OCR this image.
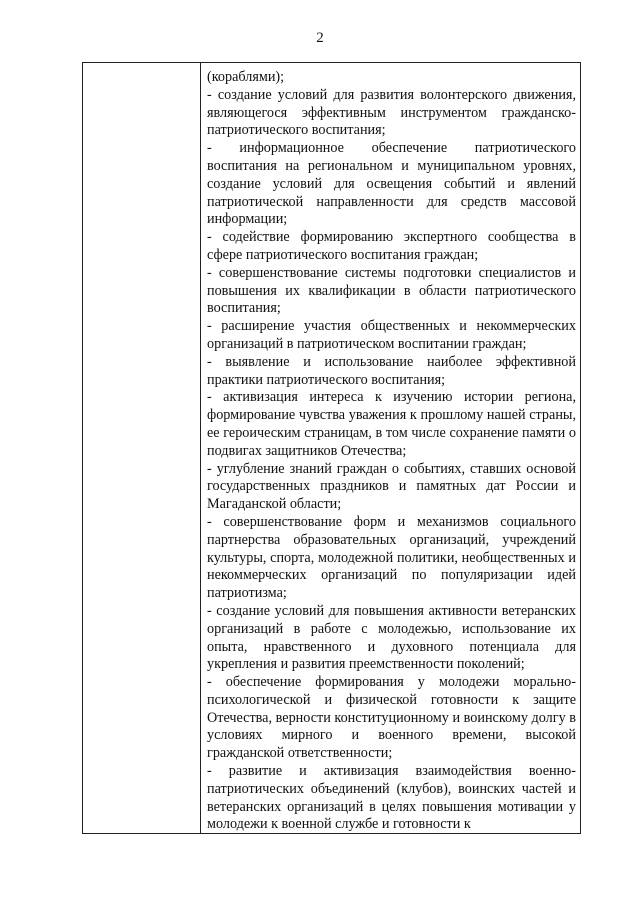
2

(кораблями);

- создание условий для развития волонтерского движения, являющегося эффективным инструментом гражданско-патриотического воспитания;

- информационное обеспечение патриотического воспитания на региональном и муниципальном уровнях, создание условий для освещения событий и явлений патриотической направленности для средств массовой информации;

- содействие формированию экспертного сообщества в сфере патриотического воспитания граждан;

- совершенствование системы подготовки специалистов и повышения их квалификации в области патриотического воспитания;

- расширение участия общественных и некоммерческих организаций в патриотическом воспитании граждан;

- выявление и использование наиболее эффективной практики патриотического воспитания;

- активизация интереса к изучению истории региона, формирование чувства уважения к прошлому нашей страны, ее героическим страницам, в том числе сохранение памяти о подвигах защитников Отечества;

- углубление знаний граждан о событиях, ставших основой государственных праздников и памятных дат России и Магаданской области;

- совершенствование форм и механизмов социального партнерства образовательных организаций, учреждений культуры, спорта, молодежной политики, необщественных и некоммерческих организаций по популяризации идей патриотизма;

- создание условий для повышения активности ветеранских организаций в работе с молодежью, использование их опыта, нравственного и духовного потенциала для укрепления и развития преемственности поколений;

- обеспечение формирования у молодежи морально-психологической и физической готовности к защите Отечества, верности конституционному и воинскому долгу в условиях мирного и военного времени, высокой гражданской ответственности;

- развитие и активизация взаимодействия военно-патриотических объединений (клубов), воинских частей и ветеранских организаций в целях повышения мотивации у молодежи к военной службе и готовности к
